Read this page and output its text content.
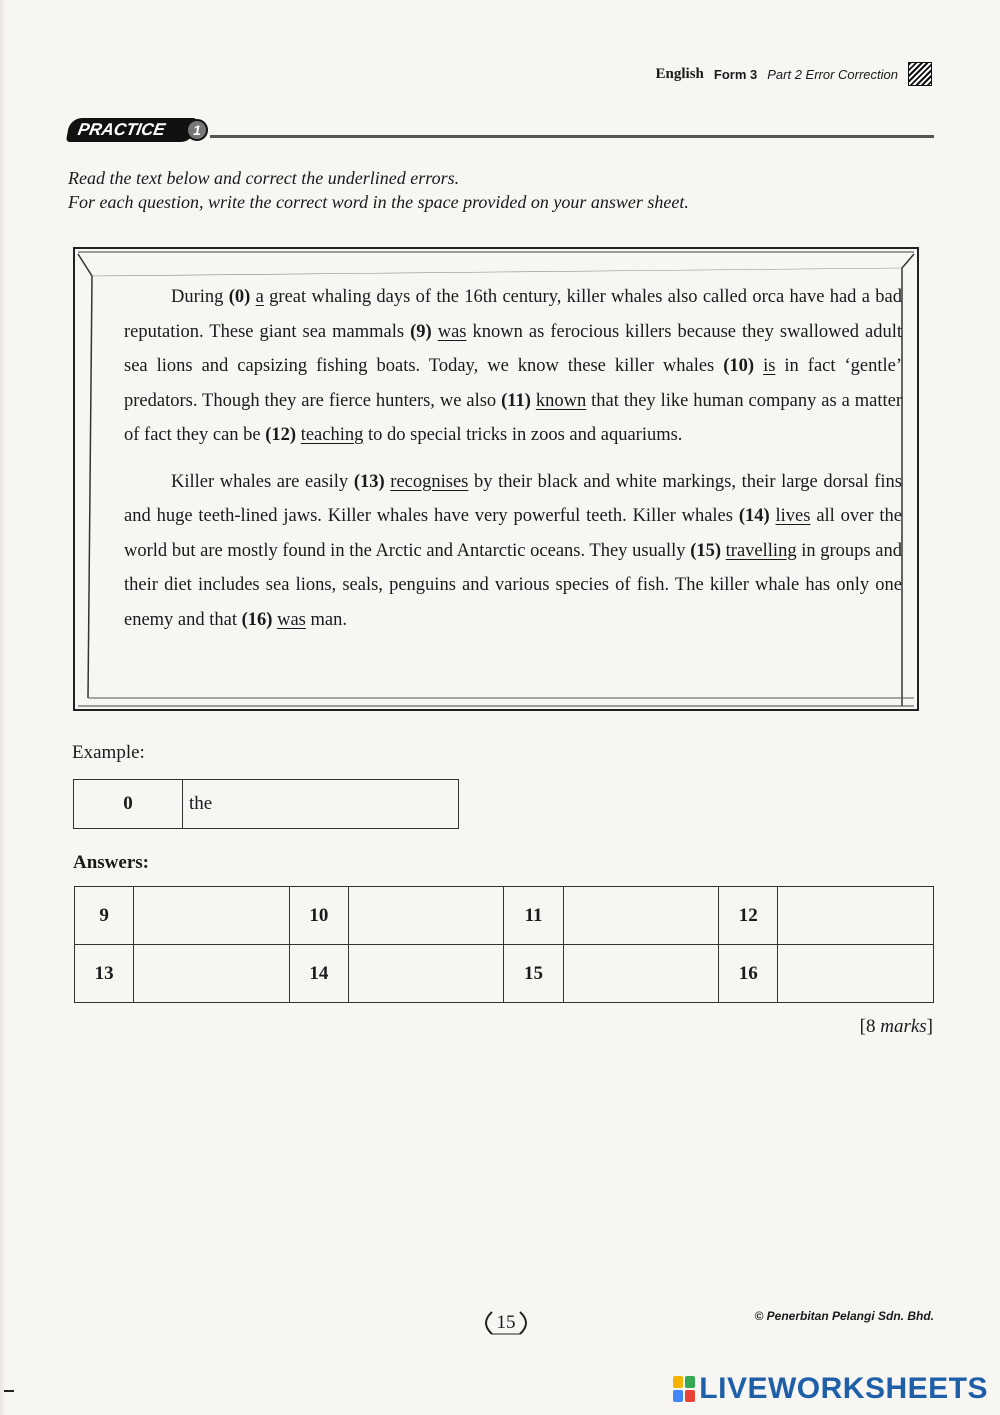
English Form 3 Part 2 Error Correction
PRACTICE	1
Read the text below and correct the underlined errors.
For each question, write the correct word in the space provided on your answer sheet.

During (0) a great whaling days of the 16th century, killer whales also called orca have had a bad reputation. These giant sea mammals (9) was known as ferocious killers because they swallowed adult sea lions and capsizing fishing boats. Today, we know these killer whales (10) is in fact ‘gentle’ predators. Though they are fierce hunters, we also (11) known that they like human company as a matter of fact they can be (12) teaching to do special tricks in zoos and aquariums.

Killer whales are easily (13) recognises by their black and white markings, their large dorsal fins and huge teeth-lined jaws. Killer whales have very powerful teeth. Killer whales (14) lives all over the world but are mostly found in the Arctic and Antarctic oceans. They usually (15) travelling in groups and their diet includes sea lions, seals, penguins and various species of fish. The killer whale has only one enemy and that (16) was man.

Example:
0	the
Answers:
9		10		11		12	
13		14		15		16	
[8 marks]
15	© Penerbitan Pelangi Sdn. Bhd.
LIVEWORKSHEETS
